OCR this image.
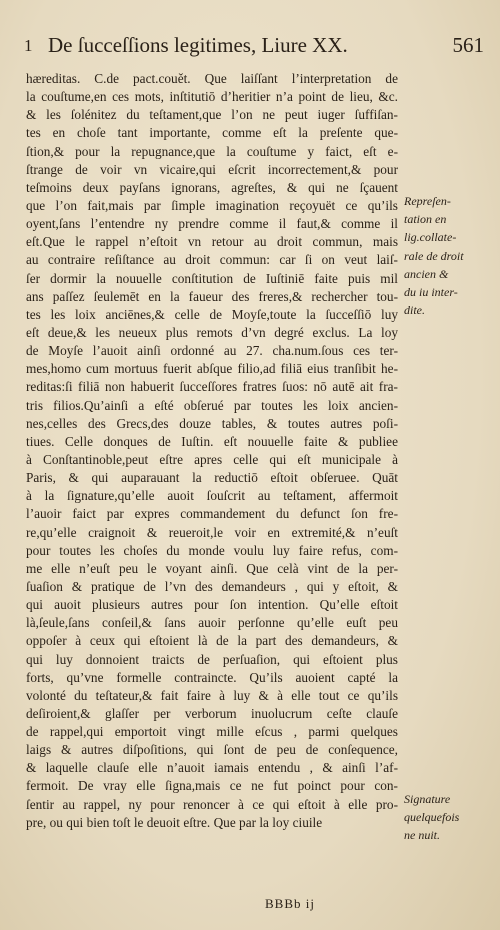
1 De ſucceſſions legitimes, Liure XX.	561
hæreditas. C.de pact.couět. Que laiſſant l’interpretation de
la couſtume,en ces mots, inſtitutiō d’heritier n’a point de lieu, &c.
& les ſolénitez du teſtament,que l’on ne peut iuger ſuffiſan-
tes en choſe tant importante, comme eſt la preſente que-
ſtion,& pour la repugnance,que la couſtume y faict, eſt e-
ſtrange de voir vn vicaire,qui eſcrit incorrectement,& pour
teſmoins deux payſans ignorans, agreſtes, & qui ne ſçauent
que l’on fait,mais par ſimple imagination reçoyuët ce qu’ils
oyent,ſans l’entendre ny prendre comme il faut,& comme il
eſt.Que le rappel n’eſtoit vn retour au droit commun, mais
au contraire reſiſtance au droit commun: car ſi on veut laiſ-
ſer dormir la nouuelle conſtitution de Iuſtiniē faite puis mil
ans paſſez ſeulemēt en la faueur des freres,& rechercher tou-
tes les loix anciēnes,& celle de Moyſe,toute la ſucceſſiō luy
eſt deue,& les neueux plus remots d’vn degré exclus. La loy
de Moyſe l’auoit ainſi ordonné au 27. cha.num.ſous ces ter-
mes,homo cum mortuus fuerit abſque filio,ad filiā eius tranſibit he-
reditas:ſi filiā non habuerit ſucceſſores fratres ſuos: nō autē ait fra-
tris filios.Qu’ainſi a eſté obſerué par toutes les loix ancien-
nes,celles des Grecs,des douze tables, & toutes autres poſi-
tiues. Celle donques de Iuſtin. eſt nouuelle faite & publiee
à Conſtantinoble,peut eſtre apres celle qui eſt municipale à
Paris, & qui auparauant la reductiō eſtoit obſeruee. Quāt
à la ſignature,qu’elle auoit ſouſcrit au teſtament, affermoit
l’auoir faict par expres commandement du defunct ſon fre-
re,qu’elle craignoit & reueroit,le voir en extremité,& n’euſt
pour toutes les choſes du monde voulu luy faire refus, com-
me elle n’euſt peu le voyant ainſi. Que celà vint de la per-
ſuaſion & pratique de l’vn des demandeurs , qui y eſtoit, &
qui auoit plusieurs autres pour ſon intention. Qu’elle eſtoit
là,ſeule,ſans conſeil,& ſans auoir perſonne qu’elle euſt peu
oppoſer à ceux qui eſtoient là de la part des demandeurs, &
qui luy donnoient traicts de perſuaſion, qui eſtoient plus
forts, qu’vne formelle contraincte. Qu’ils auoient capté la
volonté du teſtateur,& fait faire à luy & à elle tout ce qu’ils
deſiroient,& glaſſer per verborum inuolucrum ceſte clauſe
de rappel,qui emportoit vingt mille eſcus , parmi quelques
laigs & autres diſpoſitions, qui ſont de peu de conſequence,
& laquelle clauſe elle n’auoit iamais entendu , & ainſi l’af-
fermoit. De vray elle ſigna,mais ce ne fut poinct pour con-
ſentir au rappel, ny pour renoncer à ce qui eſtoit à elle pro-
pre, ou qui bien toſt le deuoit eſtre. Que par la loy ciuile
Repreſen-
tation en
lig.collate-
rale de droit
ancien &
du iu inter-
dite.
Signature
quelquefois
ne nuit.
BBBb ij
